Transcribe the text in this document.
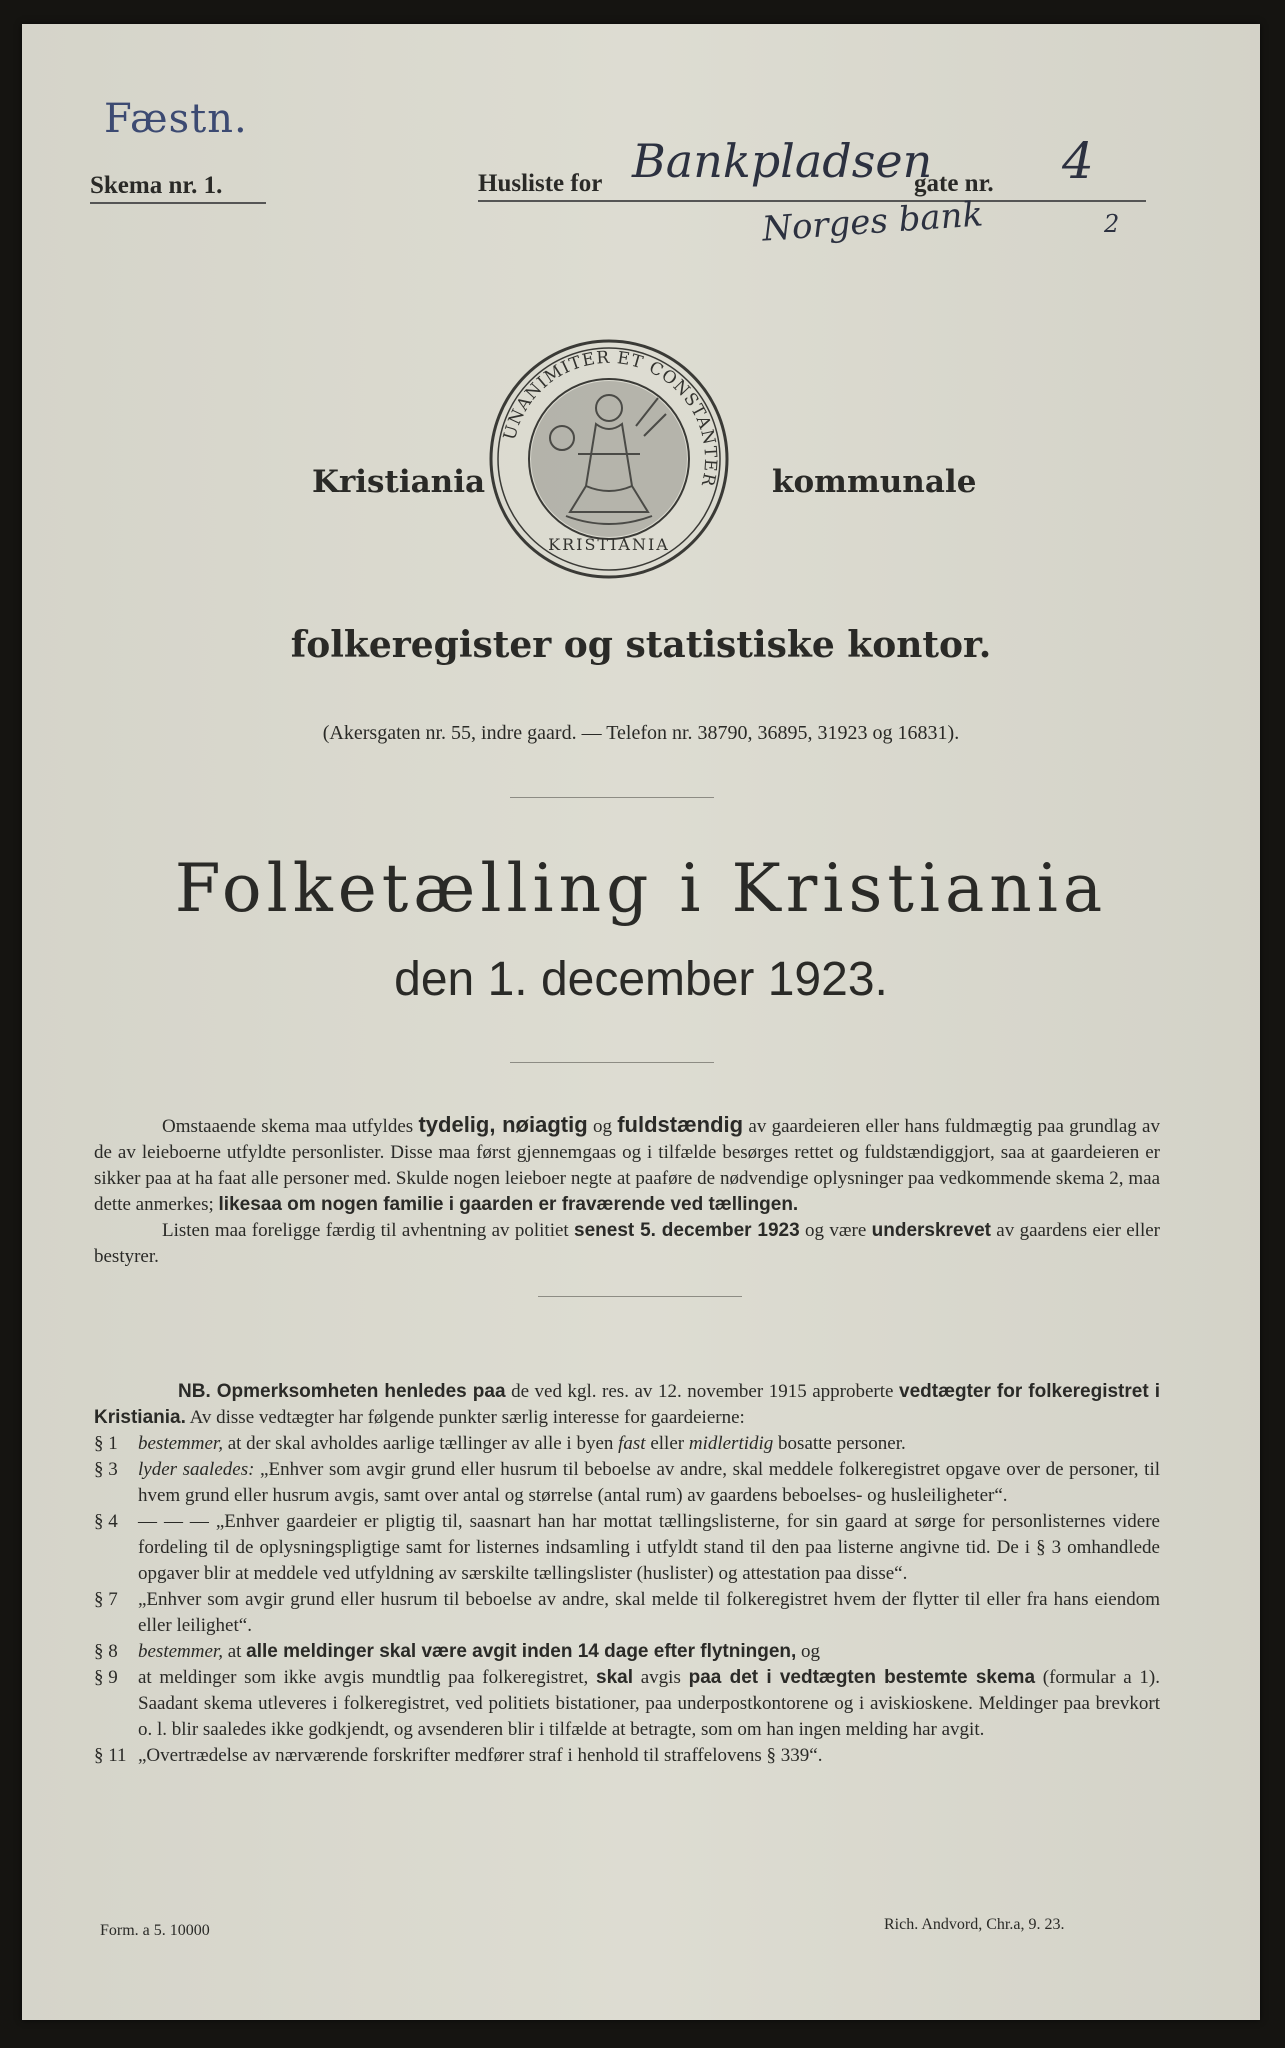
Fæstn.
Skema nr. 1.	Husliste for Bankpladsen
gate nr. 4
Norges bank	2
Kristiania
UNANIMITER ET CONSTANTER
KRISTIANIA
kommunale
folkeregister og statistiske kontor.
(Akersgaten nr. 55, indre gaard. — Telefon nr. 38790, 36895, 31923 og 16831).
Folketælling i Kristiania
den 1. december 1923.
Omstaaende skema maa utfyldes tydelig, nøiagtig og fuldstændig av gaardeieren eller hans fuldmægtig paa grundlag av de av leieboerne utfyldte personlister. Disse maa først gjennemgaas og i tilfælde besørges rettet og fuldstændiggjort, saa at gaardeieren er sikker paa at ha faat alle personer med. Skulde nogen leieboer negte at paaføre de nødvendige oplysninger paa vedkommende skema 2, maa dette anmerkes; likesaa om nogen familie i gaarden er fraværende ved tællingen.
Listen maa foreligge færdig til avhentning av politiet senest 5. december 1923 og være underskrevet av gaardens eier eller bestyrer.
NB. Opmerksomheten henledes paa de ved kgl. res. av 12. november 1915 approberte vedtægter for folkeregistret i Kristiania. Av disse vedtægter har følgende punkter særlig interesse for gaardeierne:
§ 1	bestemmer, at der skal avholdes aarlige tællinger av alle i byen fast eller midlertidig bosatte personer.
§ 3	lyder saaledes: „Enhver som avgir grund eller husrum til beboelse av andre, skal meddele folkeregistret opgave over de personer, til hvem grund eller husrum avgis, samt over antal og størrelse (antal rum) av gaardens beboelses- og husleiligheter“.
§ 4	— — — „Enhver gaardeier er pligtig til, saasnart han har mottat tællingslisterne, for sin gaard at sørge for personlisternes videre fordeling til de oplysningspligtige samt for listernes indsamling i utfyldt stand til den paa listerne angivne tid. De i § 3 omhandlede opgaver blir at meddele ved utfyldning av særskilte tællingslister (huslister) og attestation paa disse“.
§ 7	„Enhver som avgir grund eller husrum til beboelse av andre, skal melde til folkeregistret hvem der flytter til eller fra hans eiendom eller leilighet“.
§ 8	bestemmer, at alle meldinger skal være avgit inden 14 dage efter flytningen, og
§ 9	at meldinger som ikke avgis mundtlig paa folkeregistret, skal avgis paa det i vedtægten bestemte skema (formular a 1). Saadant skema utleveres i folkeregistret, ved politiets bistationer, paa underpostkontorene og i aviskioskene. Meldinger paa brevkort o. l. blir saaledes ikke godkjendt, og avsenderen blir i tilfælde at betragte, som om han ingen melding har avgit.
§ 11 „Overtrædelse av nærværende forskrifter medfører straf i henhold til straffelovens § 339“.
Form. a 5. 10000	Rich. Andvord, Chr.a, 9. 23.
